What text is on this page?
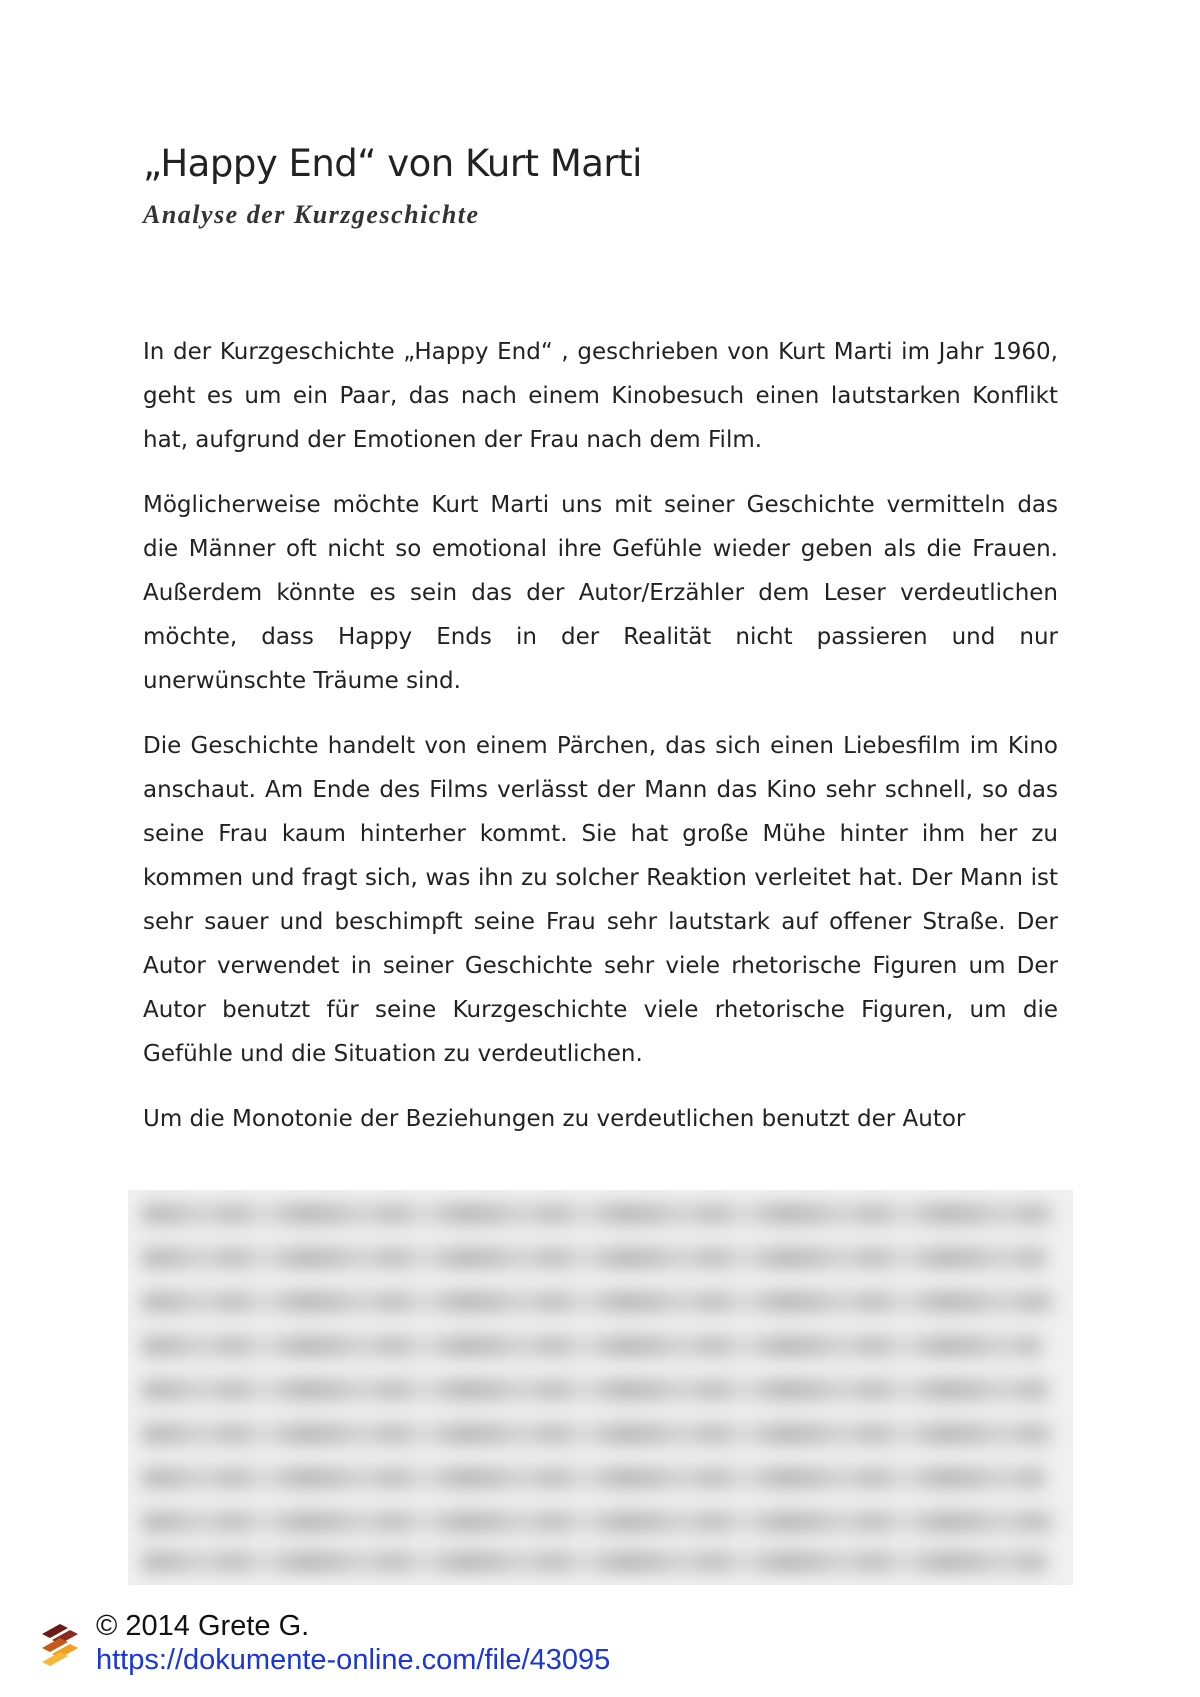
„Happy End“ von Kurt Marti
Analyse der Kurzgeschichte

In der Kurzgeschichte „Happy End“ , geschrieben von Kurt Marti im Jahr 1960, geht es um ein Paar, das nach einem Kinobesuch einen lautstarken Konflikt hat, aufgrund der Emotionen der Frau nach dem Film.

Möglicherweise möchte Kurt Marti uns mit seiner Geschichte vermitteln das die Männer oft nicht so emotional ihre Gefühle wieder geben als die Frauen. Außerdem könnte es sein das der Autor/Erzähler dem Leser verdeutlichen möchte, dass Happy Ends in der Realität nicht passieren und nur unerwünschte Träume sind.

Die Geschichte handelt von einem Pärchen, das sich einen Liebesfilm im Kino anschaut. Am Ende des Films verlässt der Mann das Kino sehr schnell, so das seine Frau kaum hinterher kommt. Sie hat große Mühe hinter ihm her zu kommen und fragt sich, was ihn zu solcher Reaktion verleitet hat. Der Mann ist sehr sauer und beschimpft seine Frau sehr lautstark auf offener Straße. Der Autor verwendet in seiner Geschichte sehr viele rhetorische Figuren um Der Autor benutzt für seine Kurzgeschichte viele rhetorische Figuren, um die Gefühle und die Situation zu verdeutlichen.

Um die Monotonie der Beziehungen zu verdeutlichen benutzt der Autor

© 2014 Grete G.
https://dokumente-online.com/file/43095
